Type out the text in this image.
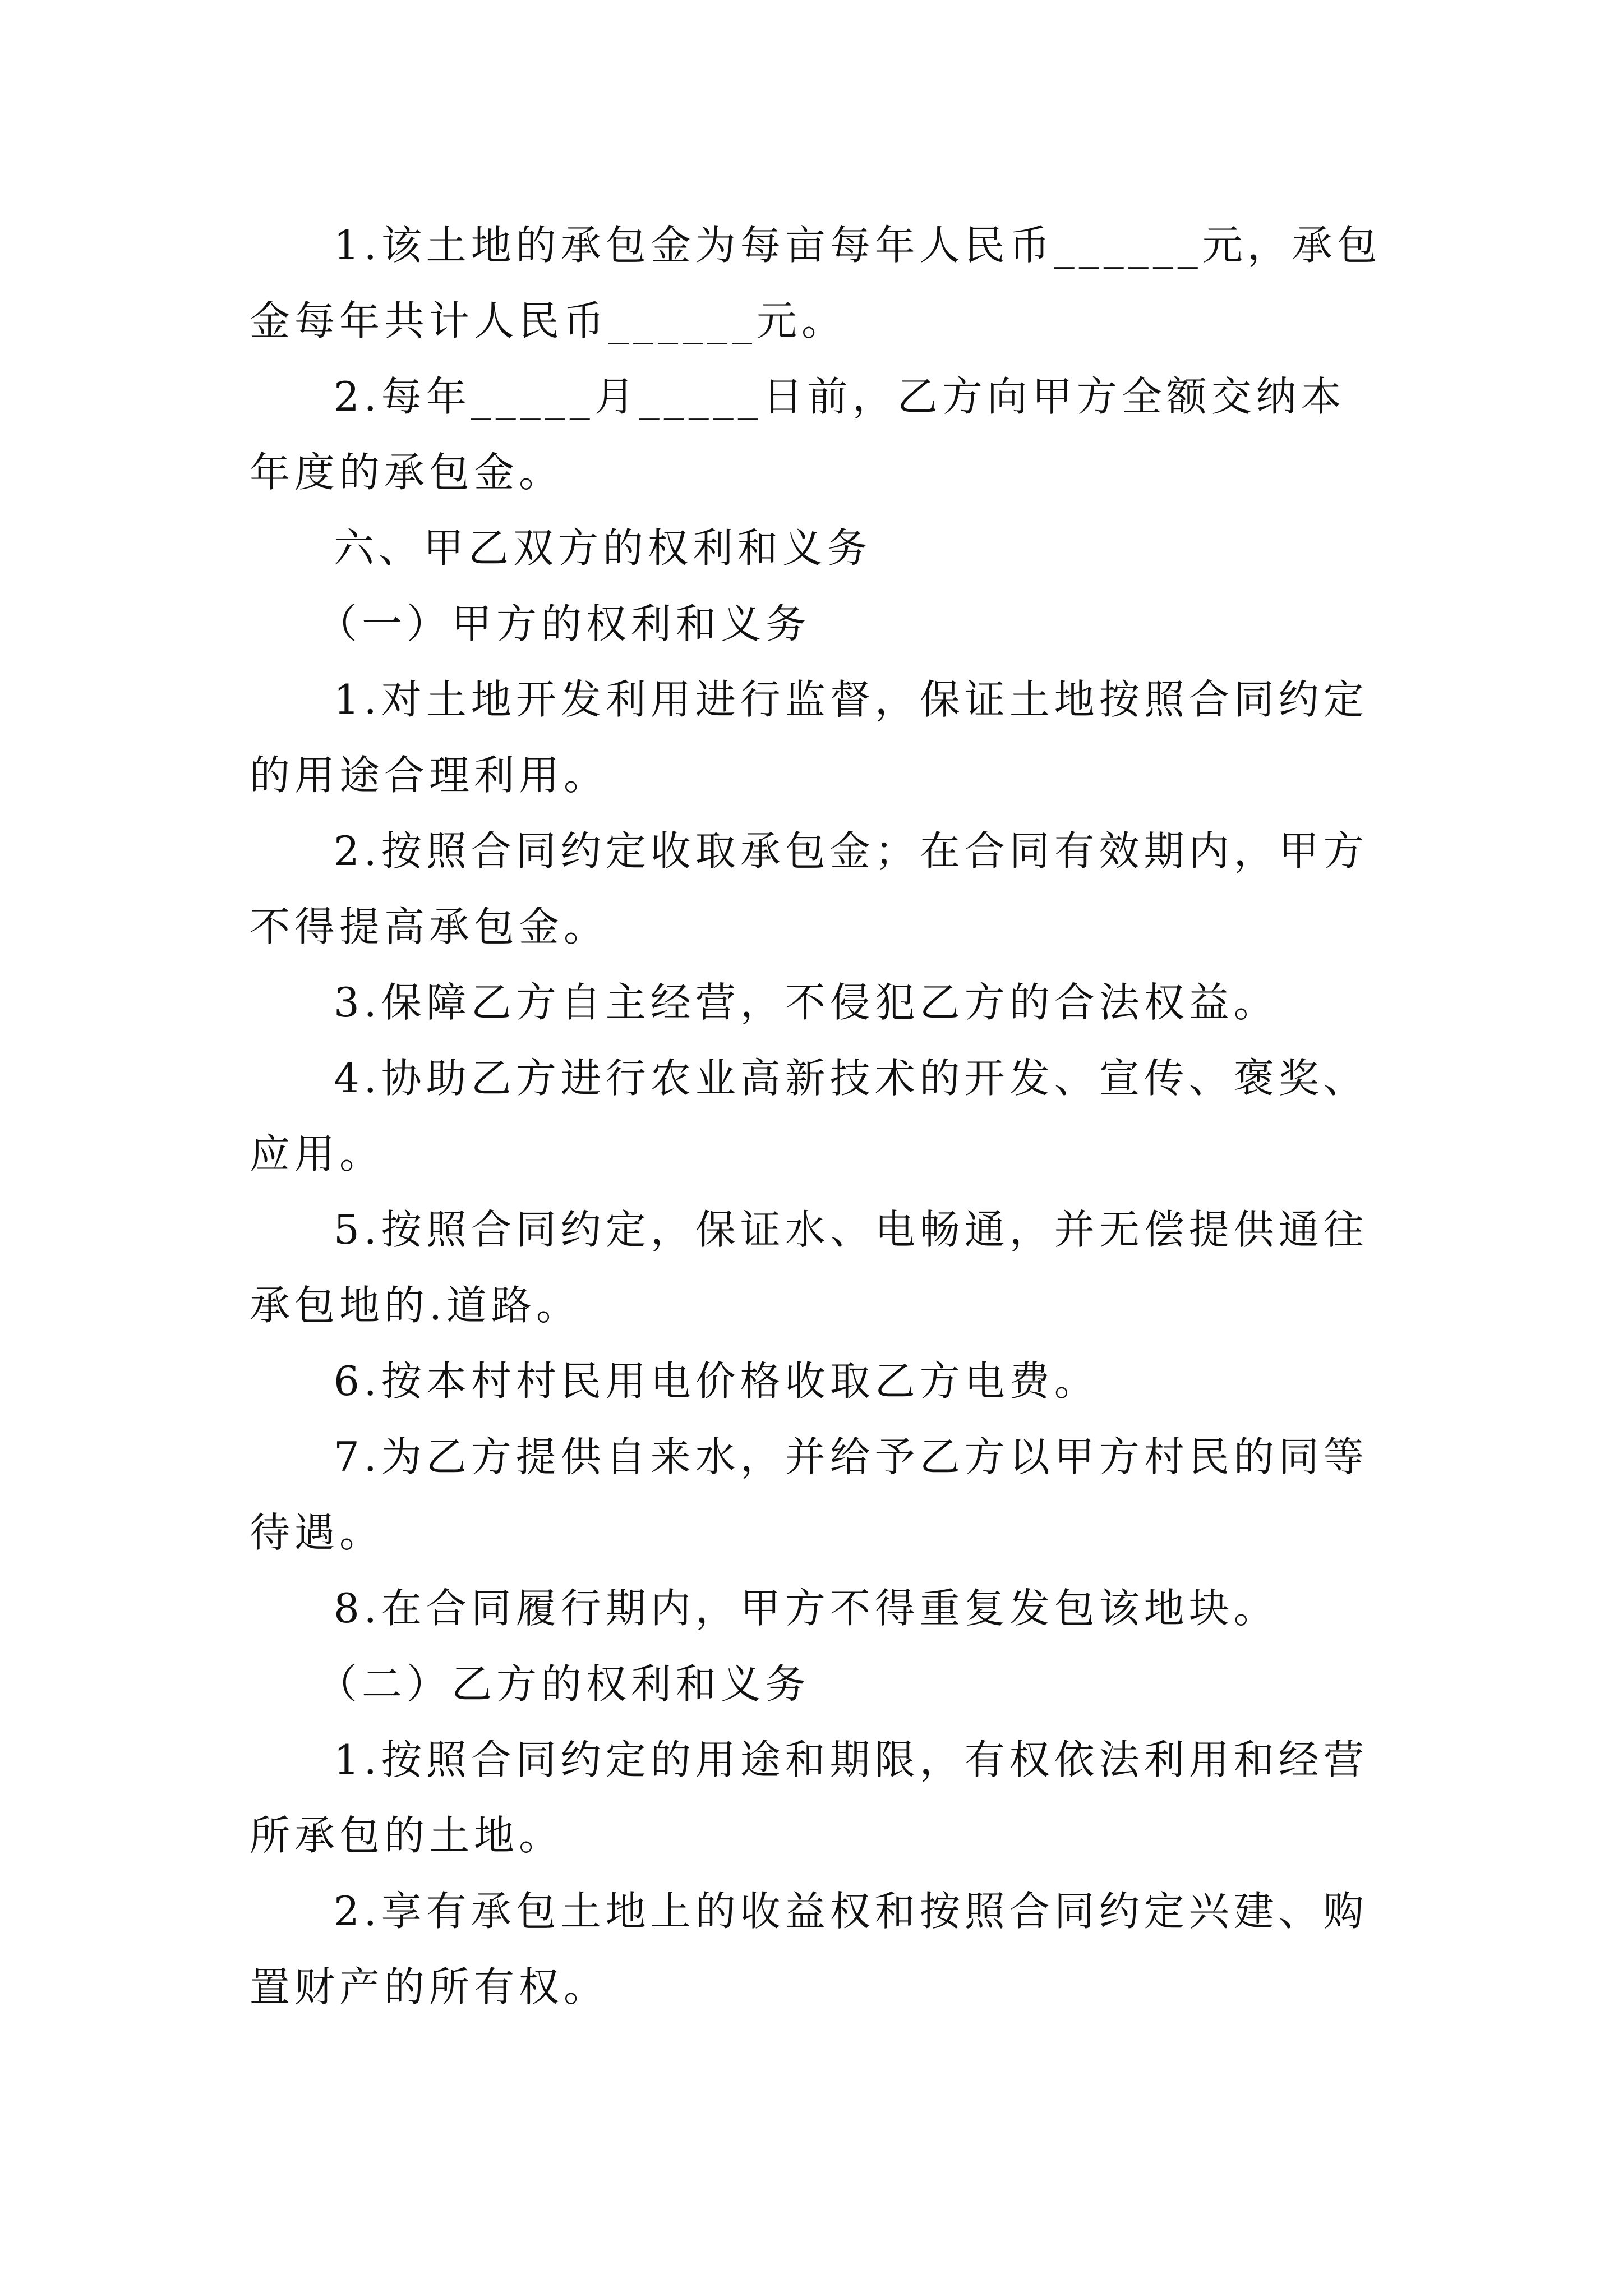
1.该土地的承包金为每亩每年人民币______元，承包金每年共计人民币______元。

2.每年_____月_____日前，乙方向甲方全额交纳本年度的承包金。

六、甲乙双方的权利和义务

（一）甲方的权利和义务

1.对土地开发利用进行监督，保证土地按照合同约定的用途合理利用。

2.按照合同约定收取承包金；在合同有效期内，甲方不得提高承包金。

3.保障乙方自主经营，不侵犯乙方的合法权益。

4.协助乙方进行农业高新技术的开发、宣传、褒奖、应用。

5.按照合同约定，保证水、电畅通，并无偿提供通往承包地的.道路。

6.按本村村民用电价格收取乙方电费。

7.为乙方提供自来水，并给予乙方以甲方村民的同等待遇。

8.在合同履行期内，甲方不得重复发包该地块。

（二）乙方的权利和义务

1.按照合同约定的用途和期限，有权依法利用和经营所承包的土地。

2.享有承包土地上的收益权和按照合同约定兴建、购置财产的所有权。
